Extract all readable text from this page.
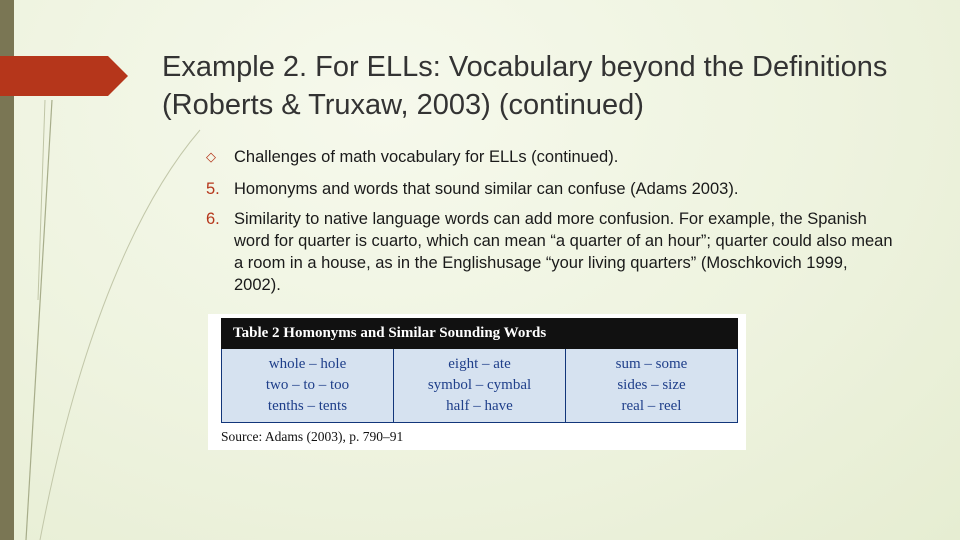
Example 2. For ELLs: Vocabulary beyond the Definitions (Roberts & Truxaw, 2003) (continued)
◇ Challenges of math vocabulary for ELLs (continued).
5. Homonyms and words that sound similar can confuse (Adams 2003).
6. Similarity to native language words can add more confusion. For example, the Spanish word for quarter is cuarto, which can mean “a quarter of an hour”; quarter could also mean a room in a house, as in the Englishusage “your living quarters” (Moschkovich 1999, 2002).
Table 2 Homonyms and Similar Sounding Words
whole – hole
two – to – too
tenths – tents
eight – ate
symbol – cymbal
half – have
sum – some
sides – size
real – reel
Source: Adams (2003), p. 790–91
